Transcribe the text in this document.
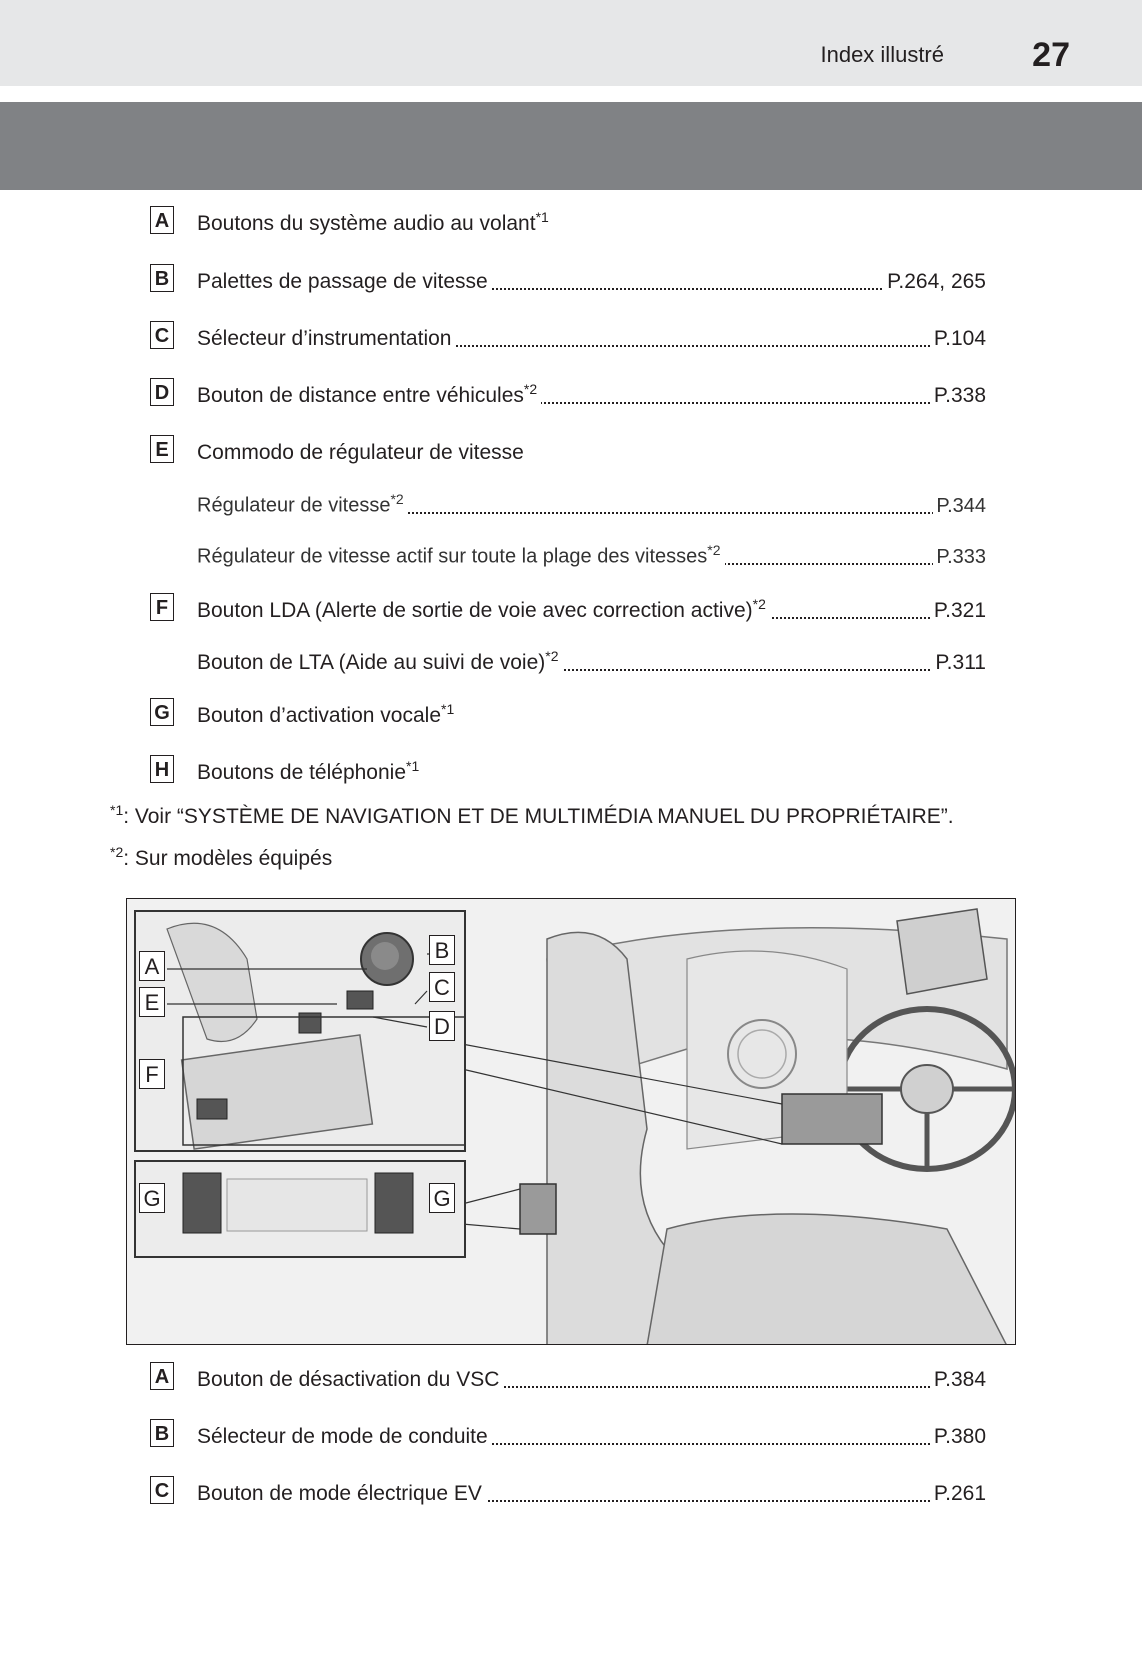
Index illustré	27
A Boutons du système audio au volant$^{*1}$
B Palettes de passage de vitesse	P.264, 265
C Sélecteur d’instrumentation	P.104
D Bouton de distance entre véhicules$^{*2}$	P.338
E Commodo de régulateur de vitesse
Régulateur de vitesse$^{*2}$	P.344
Régulateur de vitesse actif sur toute la plage des vitesses$^{*2}$	P.333
F Bouton LDA (Alerte de sortie de voie avec correction active)$^{*2}$	P.321
Bouton de LTA (Aide au suivi de voie)$^{*2}$	P.311
G Bouton d’activation vocale$^{*1}$
H Boutons de téléphonie$^{*1}$
$^{*1}$: Voir “SYSTÈME DE NAVIGATION ET DE MULTIMÉDIA MANUEL DU PROPRIÉTAIRE”.
$^{*2}$: Sur modèles équipés
A
B
C
D
E
F
G	G
A Bouton de désactivation du VSC	P.384
B Sélecteur de mode de conduite	P.380
C Bouton de mode électrique EV	P.261
